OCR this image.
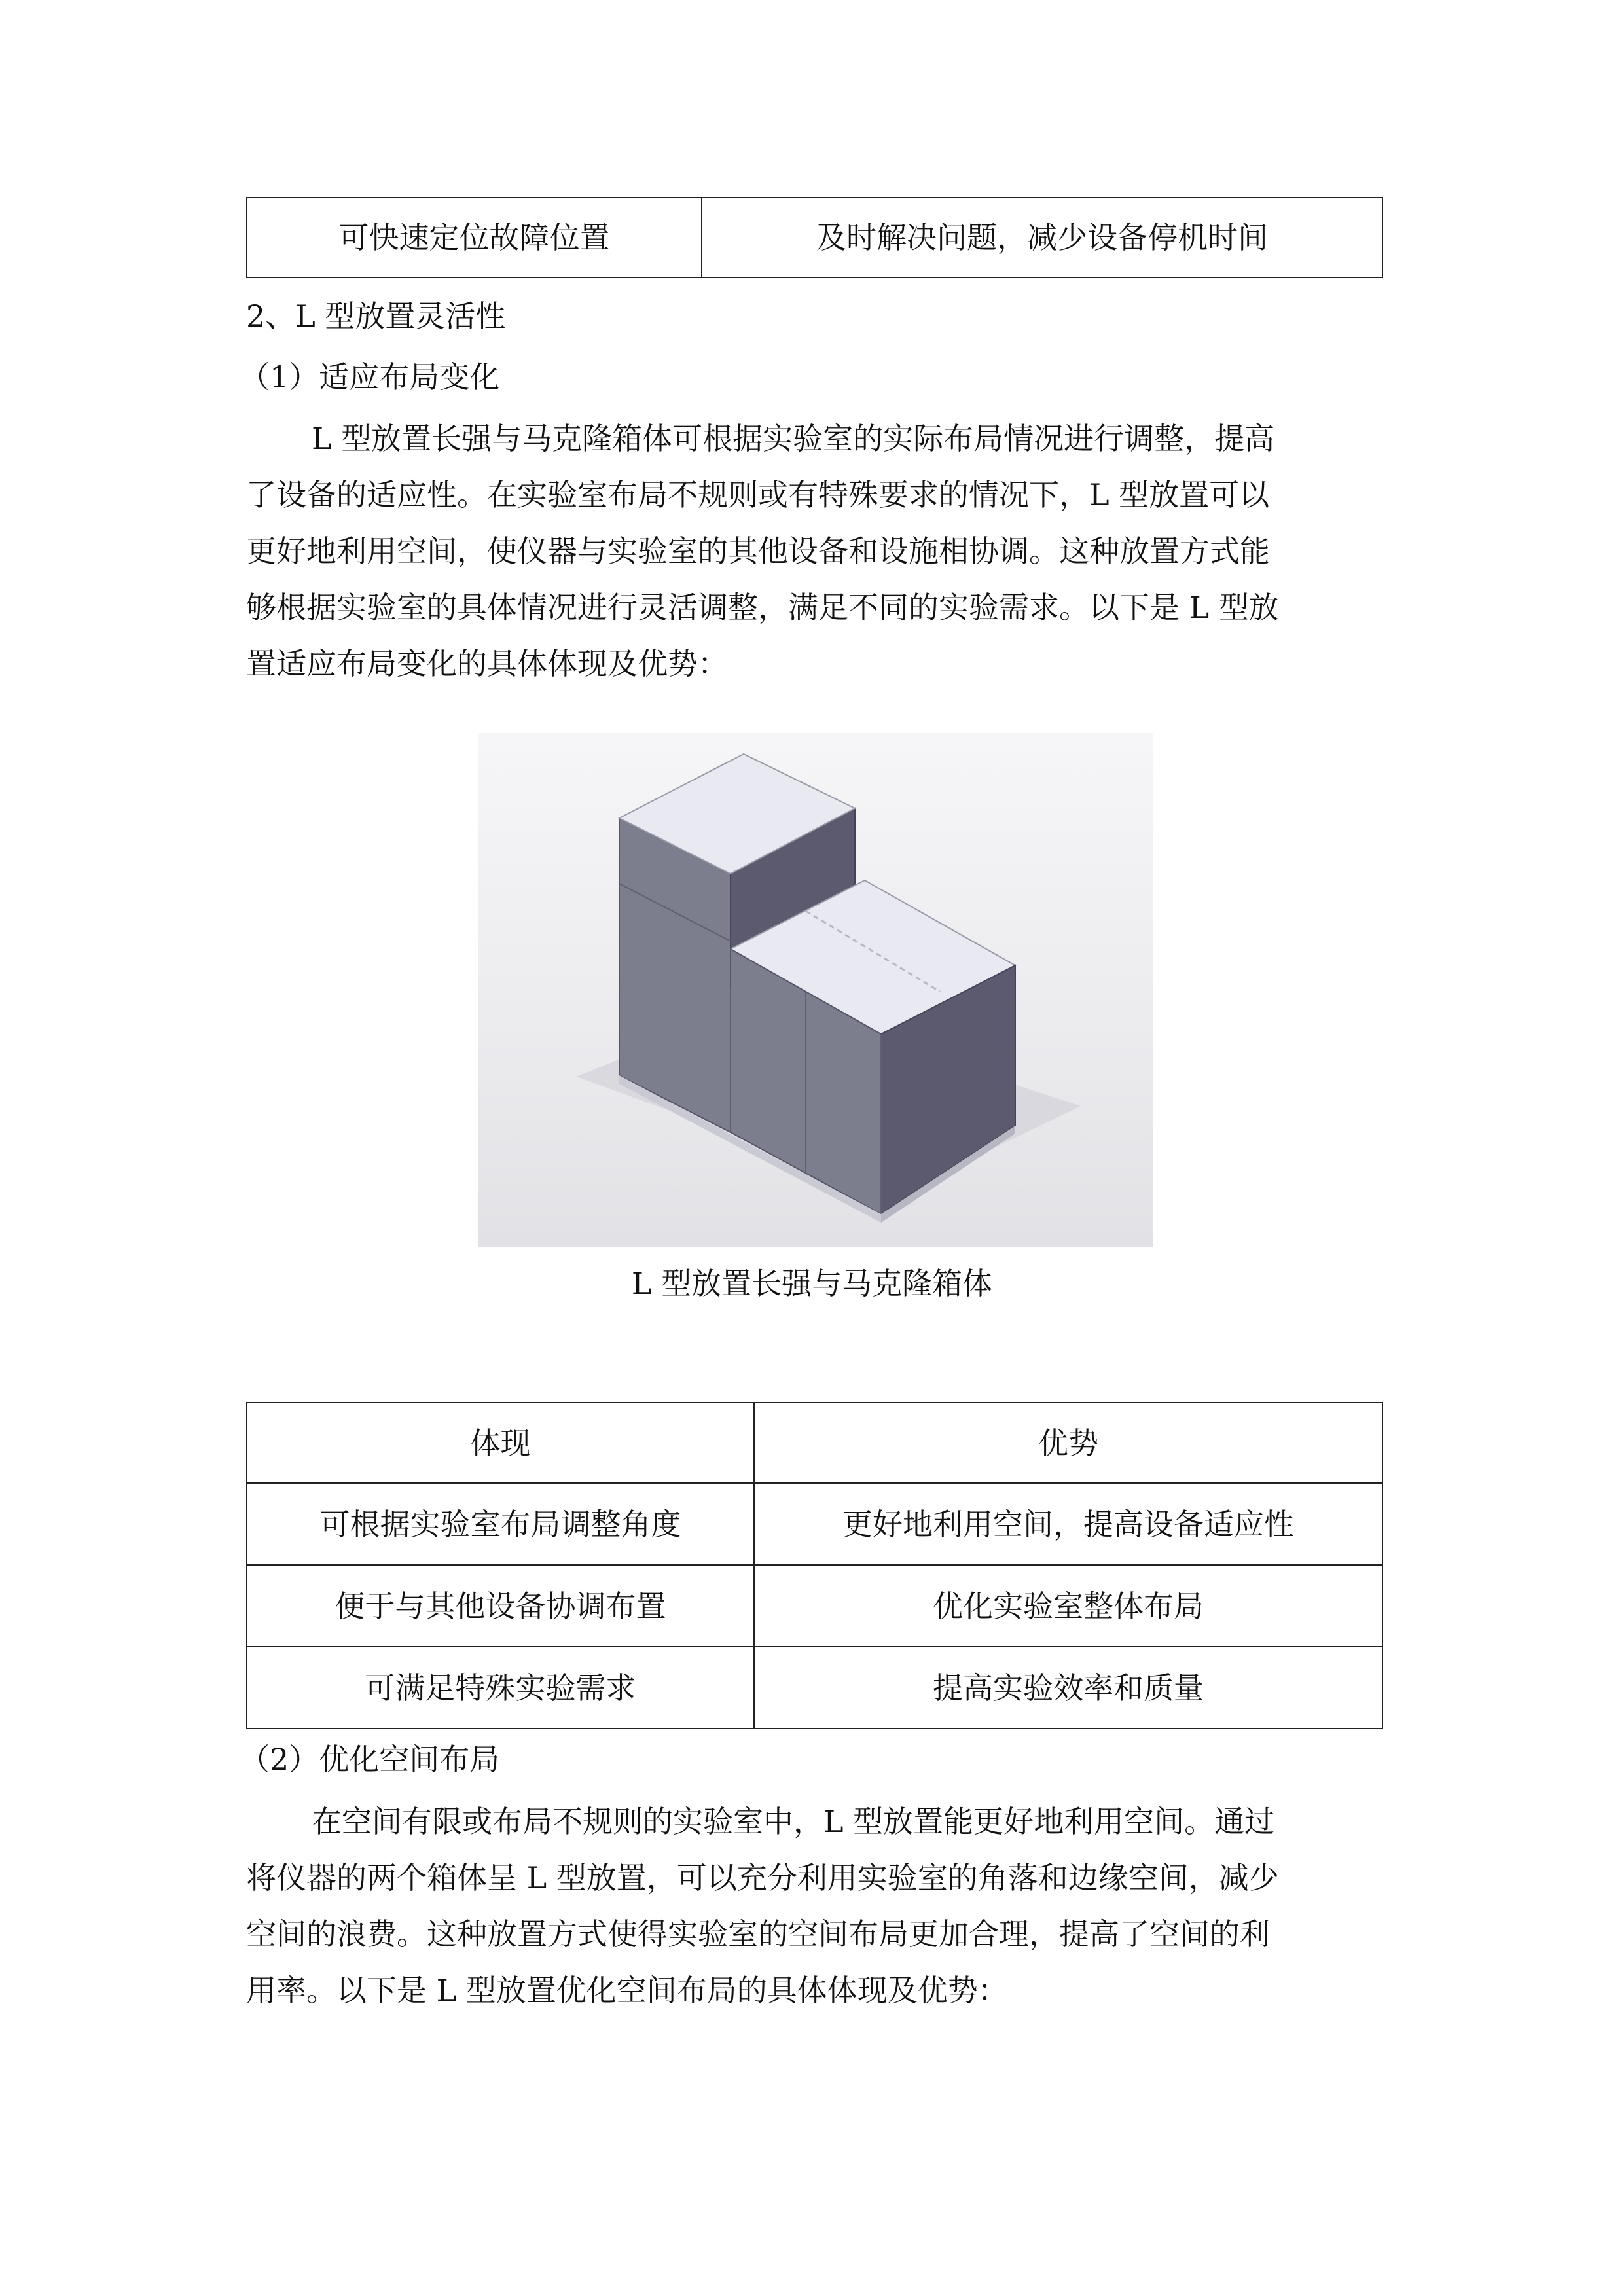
可快速定位故障位置	及时解决问题，减少设备停机时间

2、L 型放置灵活性

（1）适应布局变化

L 型放置长强与马克隆箱体可根据实验室的实际布局情况进行调整，提高
了设备的适应性。在实验室布局不规则或有特殊要求的情况下，L 型放置可以
更好地利用空间，使仪器与实验室的其他设备和设施相协调。这种放置方式能
够根据实验室的具体情况进行灵活调整，满足不同的实验需求。以下是 L 型放
置适应布局变化的具体体现及优势：

L 型放置长强与马克隆箱体

体现	优势
可根据实验室布局调整角度	更好地利用空间，提高设备适应性
便于与其他设备协调布置	优化实验室整体布局
可满足特殊实验需求	提高实验效率和质量

（2）优化空间布局

在空间有限或布局不规则的实验室中，L 型放置能更好地利用空间。通过
将仪器的两个箱体呈 L 型放置，可以充分利用实验室的角落和边缘空间，减少
空间的浪费。这种放置方式使得实验室的空间布局更加合理，提高了空间的利
用率。以下是 L 型放置优化空间布局的具体体现及优势：
